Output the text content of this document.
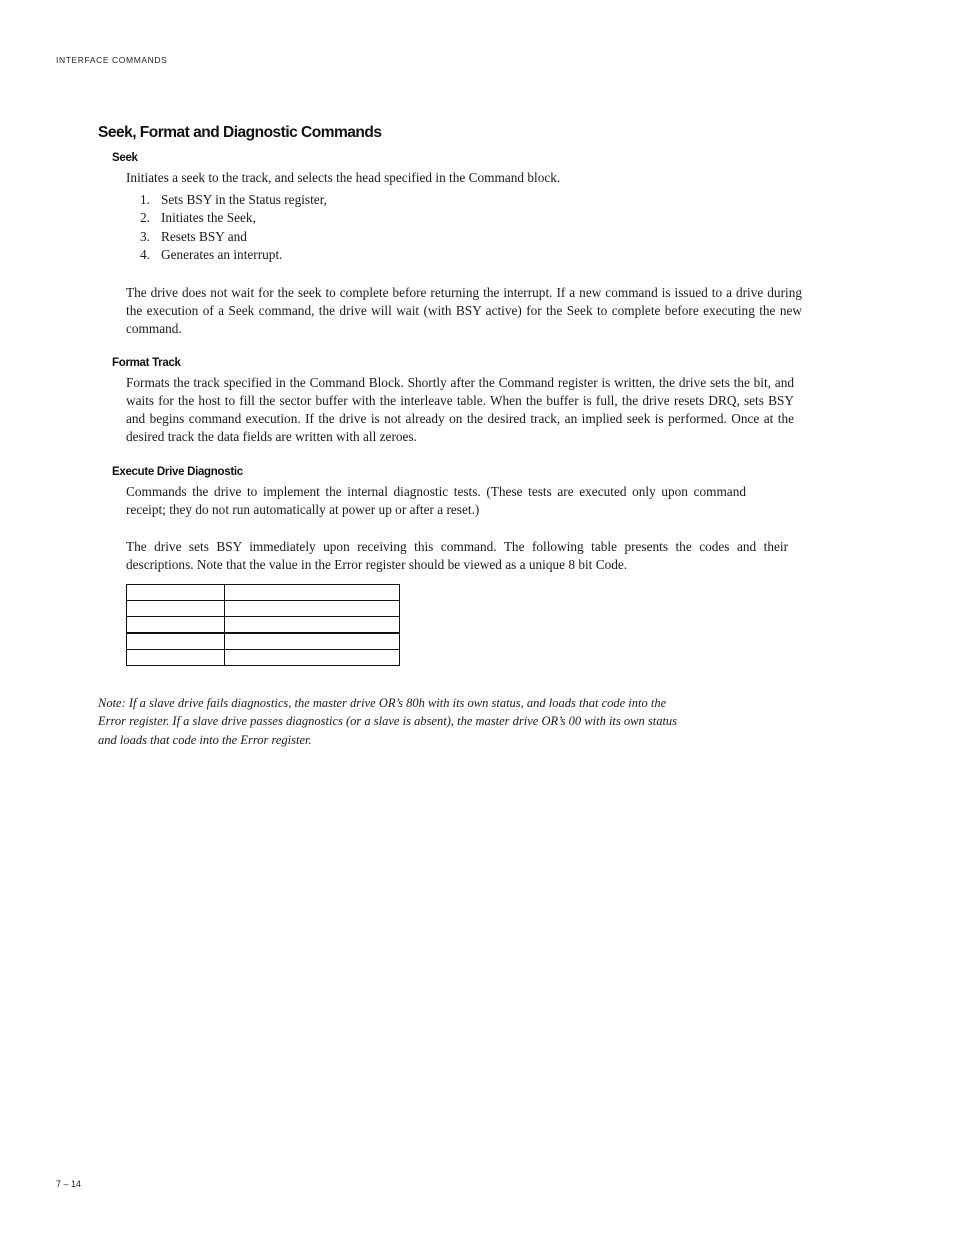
INTERFACE COMMANDS
Seek, Format and Diagnostic Commands
Seek

Initiates a seek to the track, and selects the head specified in the Command block.

1. Sets BSY in the Status register,
2. Initiates the Seek,
3. Resets BSY and
4. Generates an interrupt.

The drive does not wait for the seek to complete before returning the interrupt. If a new command is issued to a drive during the execution of a Seek command, the drive will wait (with BSY active) for the Seek to complete before executing the new command.

Format Track

Formats the track specified in the Command Block. Shortly after the Command register is written, the drive sets the bit, and waits for the host to fill the sector buffer with the interleave table. When the buffer is full, the drive resets DRQ, sets BSY and begins command execution. If the drive is not already on the desired track, an implied seek is performed. Once at the desired track the data fields are written with all zeroes.

Execute Drive Diagnostic

Commands the drive to implement the internal diagnostic tests. (These tests are executed only upon command receipt; they do not run automatically at power up or after a reset.)

The drive sets BSY immediately upon receiving this command. The following table presents the codes and their descriptions. Note that the value in the Error register should be viewed as a unique 8 bit Code.

Note: If a slave drive fails diagnostics, the master drive OR’s 80h with its own status, and loads that code into the Error register. If a slave drive passes diagnostics (or a slave is absent), the master drive OR’s 00 with its own status and loads that code into the Error register.

7 – 14
